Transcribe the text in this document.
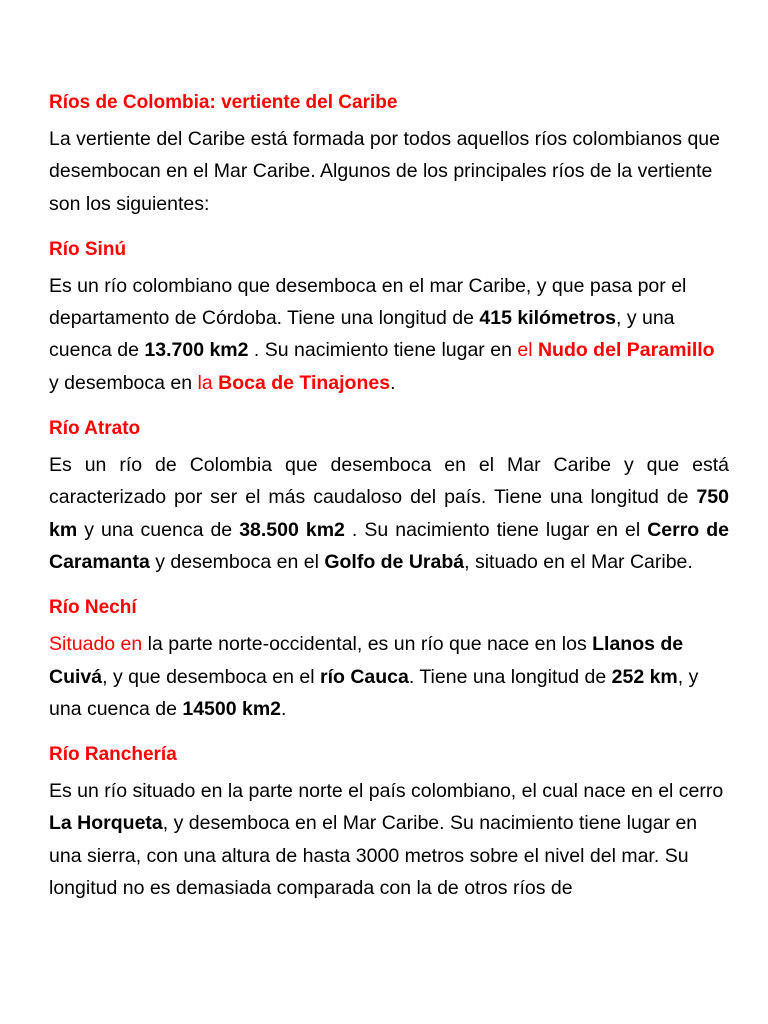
Ríos de Colombia: vertiente del Caribe

La vertiente del Caribe está formada por todos aquellos ríos colombianos que desembocan en el Mar Caribe. Algunos de los principales ríos de la vertiente son los siguientes:

Río Sinú

Es un río colombiano que desemboca en el mar Caribe, y que pasa por el departamento de Córdoba. Tiene una longitud de 415 kilómetros, y una cuenca de 13.700 km2 . Su nacimiento tiene lugar en el Nudo del Paramillo y desemboca en la Boca de Tinajones.

Río Atrato

Es un río de Colombia que desemboca en el Mar Caribe y que está caracterizado por ser el más caudaloso del país. Tiene una longitud de 750 km y una cuenca de 38.500 km2 . Su nacimiento tiene lugar en el Cerro de Caramanta y desemboca en el Golfo de Urabá, situado en el Mar Caribe.

Río Nechí

Situado en la parte norte-occidental, es un río que nace en los Llanos de Cuivá, y que desemboca en el río Cauca. Tiene una longitud de 252 km, y una cuenca de 14500 km2.

Río Ranchería

Es un río situado en la parte norte el país colombiano, el cual nace en el cerro La Horqueta, y desemboca en el Mar Caribe. Su nacimiento tiene lugar en una sierra, con una altura de hasta 3000 metros sobre el nivel del mar. Su longitud no es demasiada comparada con la de otros ríos de
